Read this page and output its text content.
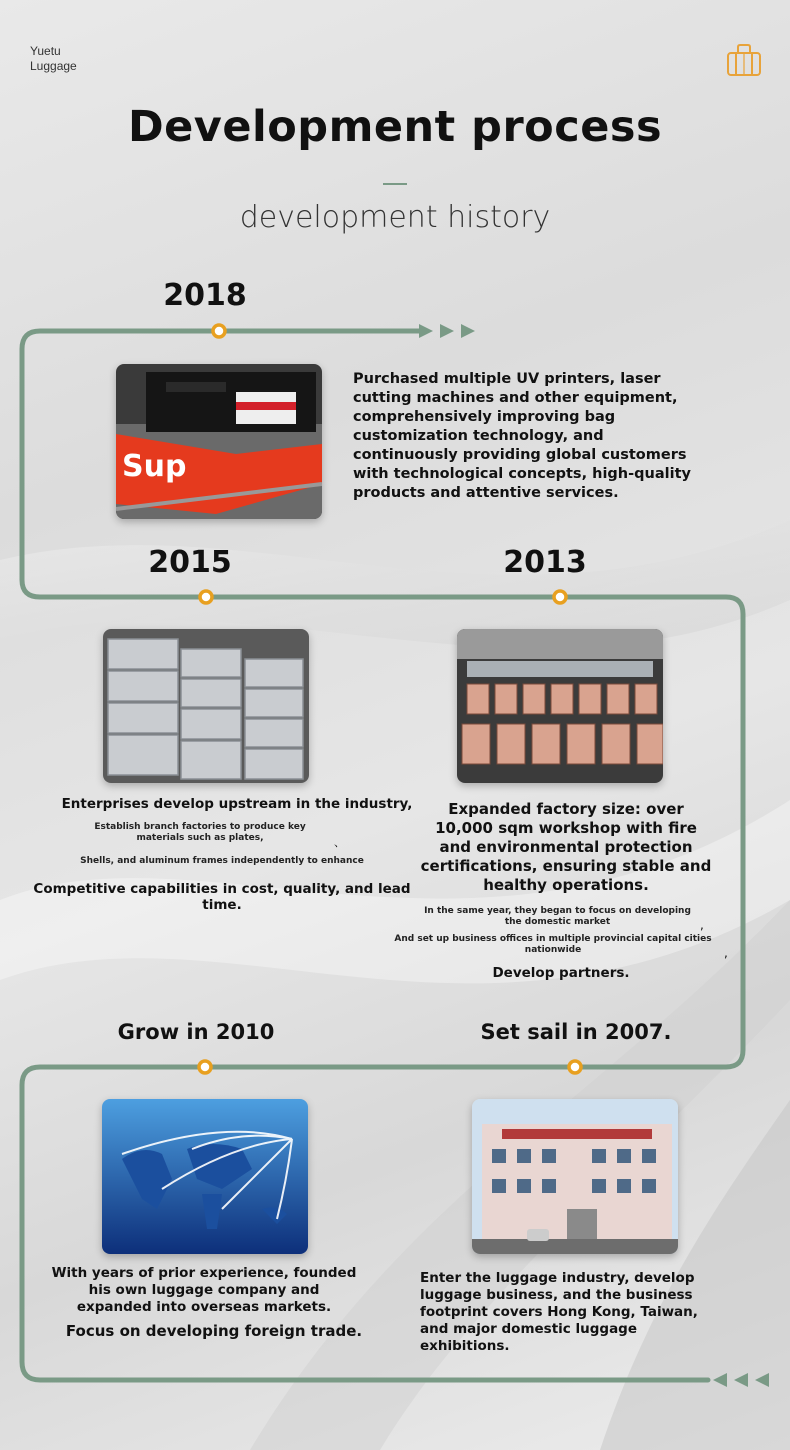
Yuetu
Luggage
Development process
development history
2018
Sup
Purchased multiple UV printers, laser cutting machines and other equipment, comprehensively improving bag customization technology, and continuously providing global customers with technological concepts, high-quality products and attentive services.
2015
Enterprises develop upstream in the industry,
Establish branch factories to produce key materials such as plates,	、
Shells, and aluminum frames independently to enhance
Competitive capabilities in cost, quality, and lead time.
2013
Expanded factory size: over 10,000 sqm workshop with fire and environmental protection certifications, ensuring stable and healthy operations.
In the same year, they began to focus on developing the domestic market	,
And set up business offices in multiple provincial capital cities nationwide	,
Develop partners.
Grow in 2010
With years of prior experience, founded his own luggage company and expanded into overseas markets.
Focus on developing foreign trade.
Set sail in 2007.
Enter the luggage industry, develop luggage business, and the business footprint covers Hong Kong, Taiwan, and major domestic luggage exhibitions.
